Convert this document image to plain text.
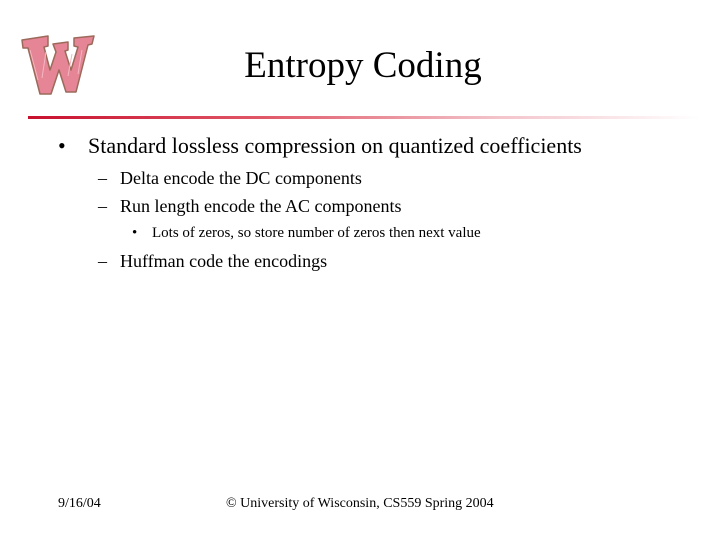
Entropy Coding
• Standard lossless compression on quantized coefficients
– Delta encode the DC components
– Run length encode the AC components
• Lots of zeros, so store number of zeros then next value
– Huffman code the encodings
9/16/04	© University of Wisconsin, CS559 Spring 2004
